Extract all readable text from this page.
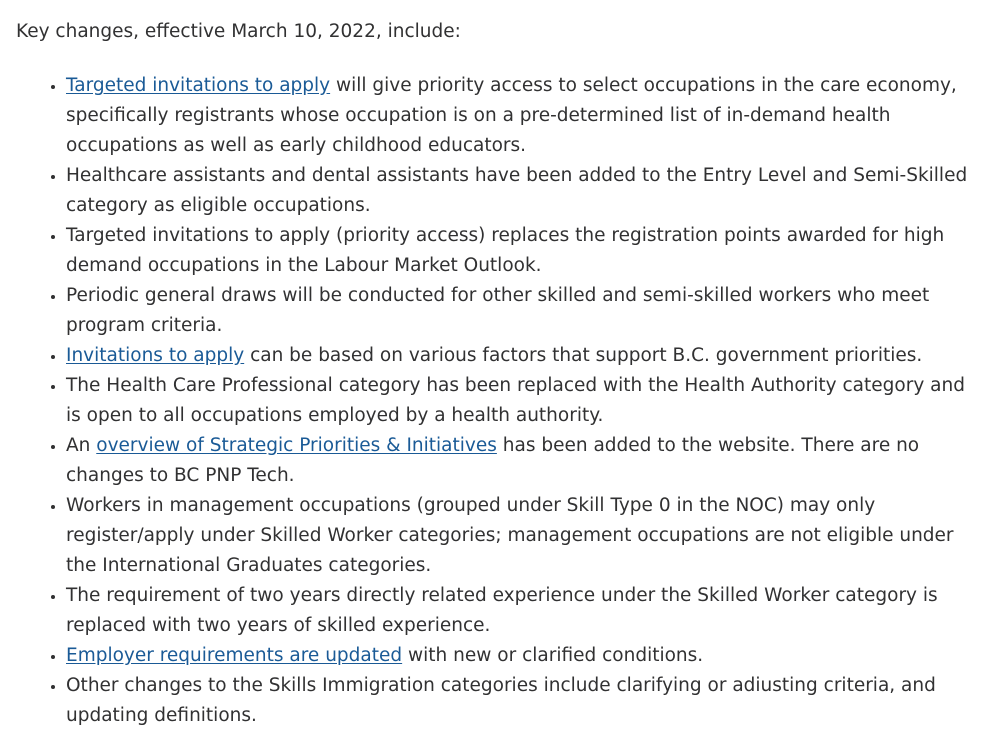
Key changes, effective March 10, 2022, include:

• Targeted invitations to apply will give priority access to select occupations in the care economy, specifically registrants whose occupation is on a pre-determined list of in-demand health occupations as well as early childhood educators.
• Healthcare assistants and dental assistants have been added to the Entry Level and Semi-Skilled category as eligible occupations.
• Targeted invitations to apply (priority access) replaces the registration points awarded for high demand occupations in the Labour Market Outlook.
• Periodic general draws will be conducted for other skilled and semi-skilled workers who meet program criteria.
• Invitations to apply can be based on various factors that support B.C. government priorities.
• The Health Care Professional category has been replaced with the Health Authority category and is open to all occupations employed by a health authority.
• An overview of Strategic Priorities & Initiatives has been added to the website. There are no changes to BC PNP Tech.
• Workers in management occupations (grouped under Skill Type 0 in the NOC) may only register/apply under Skilled Worker categories; management occupations are not eligible under the International Graduates categories.
• The requirement of two years directly related experience under the Skilled Worker category is replaced with two years of skilled experience.
• Employer requirements are updated with new or clarified conditions.
• Other changes to the Skills Immigration categories include clarifying or adiusting criteria, and updating definitions.
